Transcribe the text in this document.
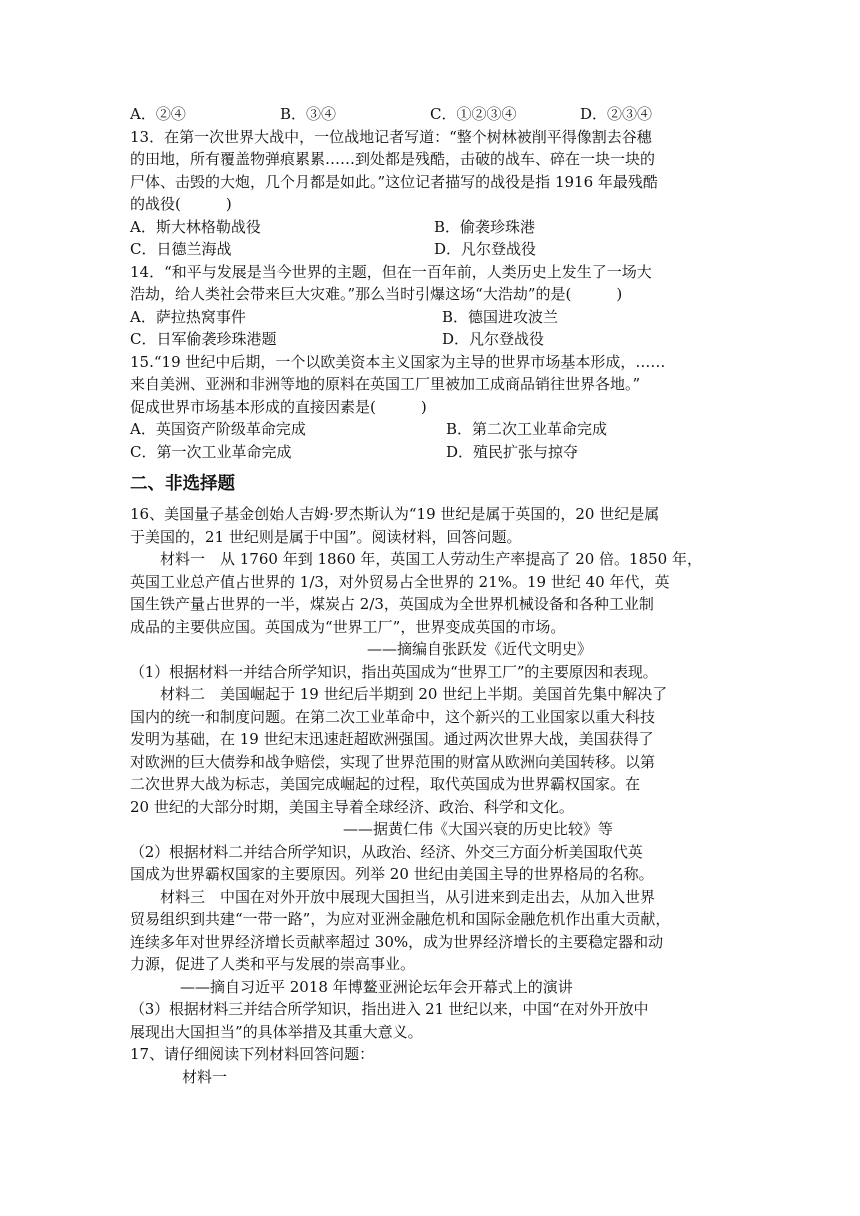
A．②④	B．③④	C．①②③④	D．②③④
13．在第一次世界大战中，一位战地记者写道：“整个树林被削平得像割去谷穗
的田地，所有覆盖物弹痕累累……到处都是残酷，击破的战车、碎在一块一块的
尸体、击毁的大炮，几个月都是如此。”这位记者描写的战役是指 1916 年最残酷
的战役(　　　)
A．斯大林格勒战役	B．偷袭珍珠港
C．日德兰海战	D．凡尔登战役
14．“和平与发展是当今世界的主题，但在一百年前，人类历史上发生了一场大
浩劫，给人类社会带来巨大灾难。”那么当时引爆这场“大浩劫”的是(　　　)
A．萨拉热窝事件	B．德国进攻波兰
C．日军偷袭珍珠港题	D．凡尔登战役
15.“19 世纪中后期，一个以欧美资本主义国家为主导的世界市场基本形成，……
来自美洲、亚洲和非洲等地的原料在英国工厂里被加工成商品销往世界各地。”
促成世界市场基本形成的直接因素是(　　　)
A．英国资产阶级革命完成	B．第二次工业革命完成
C．第一次工业革命完成	D．殖民扩张与掠夺
二、非选择题
16、美国量子基金创始人吉姆·罗杰斯认为“19 世纪是属于英国的，20 世纪是属
于美国的，21 世纪则是属于中国”。阅读材料，回答问题。
材料一　从 1760 年到 1860 年，英国工人劳动生产率提高了 20 倍。1850 年，
英国工业总产值占世界的 1/3，对外贸易占全世界的 21%。19 世纪 40 年代，英
国生铁产量占世界的一半，煤炭占 2/3，英国成为全世界机械设备和各种工业制
成品的主要供应国。英国成为“世界工厂”，世界变成英国的市场。
——摘编自张跃发《近代文明史》
（1）根据材料一并结合所学知识，指出英国成为“世界工厂”的主要原因和表现。
材料二　美国崛起于 19 世纪后半期到 20 世纪上半期。美国首先集中解决了
国内的统一和制度问题。在第二次工业革命中，这个新兴的工业国家以重大科技
发明为基础，在 19 世纪末迅速赶超欧洲强国。通过两次世界大战，美国获得了
对欧洲的巨大债券和战争赔偿，实现了世界范围的财富从欧洲向美国转移。以第
二次世界大战为标志，美国完成崛起的过程，取代英国成为世界霸权国家。在
20 世纪的大部分时期，美国主导着全球经济、政治、科学和文化。
——据黄仁伟《大国兴衰的历史比较》等
（2）根据材料二并结合所学知识，从政治、经济、外交三方面分析美国取代英
国成为世界霸权国家的主要原因。列举 20 世纪由美国主导的世界格局的名称。
材料三　中国在对外开放中展现大国担当，从引进来到走出去，从加入世界
贸易组织到共建“一带一路”，为应对亚洲金融危机和国际金融危机作出重大贡献，
连续多年对世界经济增长贡献率超过 30%，成为世界经济增长的主要稳定器和动
力源，促进了人类和平与发展的崇高事业。
——摘自习近平 2018 年博鳌亚洲论坛年会开幕式上的演讲
（3）根据材料三并结合所学知识，指出进入 21 世纪以来，中国“在对外开放中
展现出大国担当”的具体举措及其重大意义。
17、请仔细阅读下列材料回答问题：
材料一
